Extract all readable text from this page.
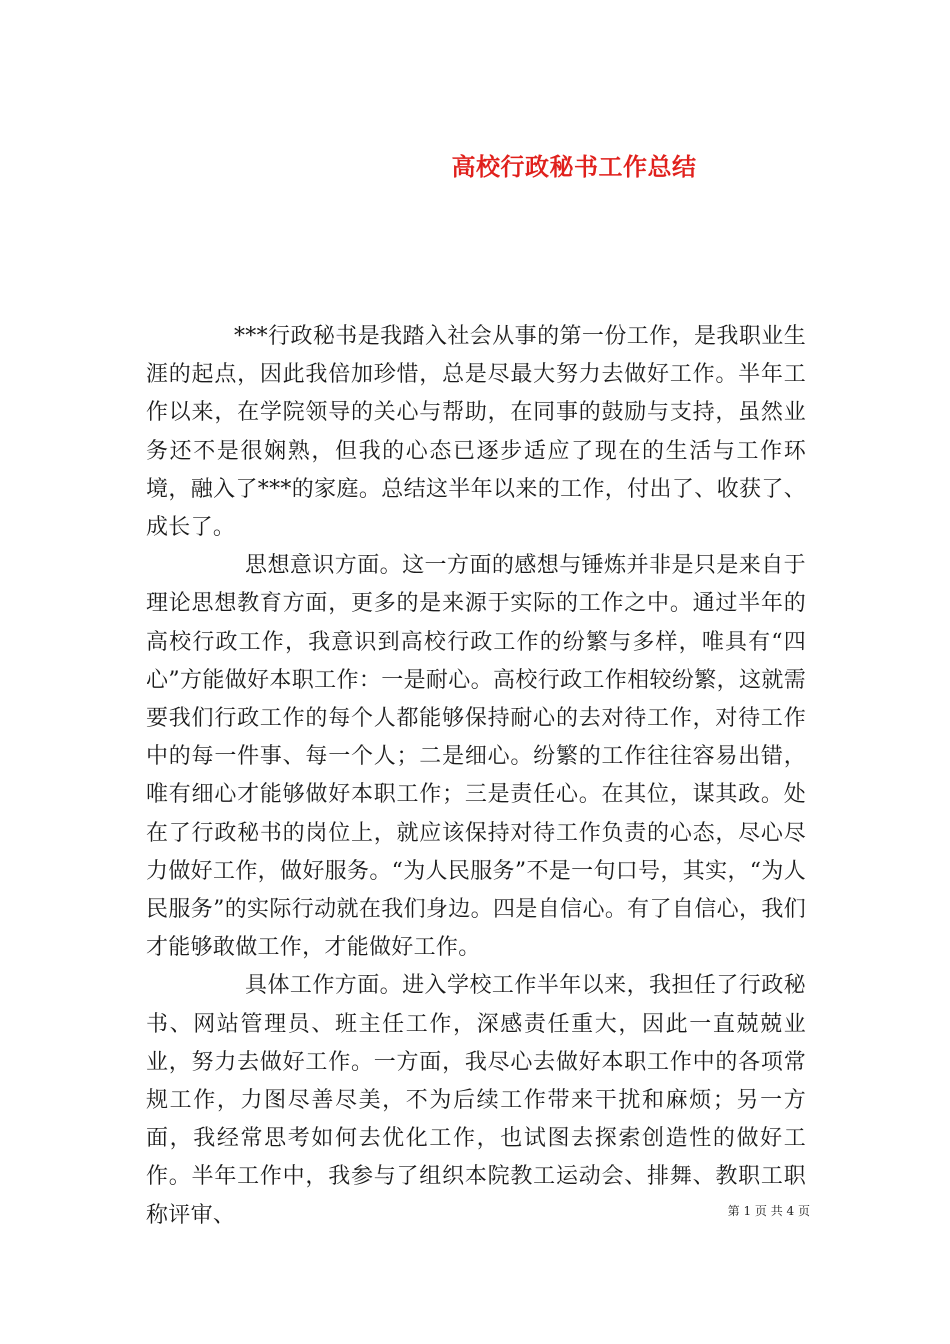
高校行政秘书工作总结

***行政秘书是我踏入社会从事的第一份工作，是我职业生涯的起点，因此我倍加珍惜，总是尽最大努力去做好工作。半年工作以来，在学院领导的关心与帮助，在同事的鼓励与支持，虽然业务还不是很娴熟，但我的心态已逐步适应了现在的生活与工作环境，融入了***的家庭。总结这半年以来的工作，付出了、收获了、成长了。

思想意识方面。这一方面的感想与锤炼并非是只是来自于理论思想教育方面，更多的是来源于实际的工作之中。通过半年的高校行政工作，我意识到高校行政工作的纷繁与多样，唯具有“四心”方能做好本职工作：一是耐心。高校行政工作相较纷繁，这就需要我们行政工作的每个人都能够保持耐心的去对待工作，对待工作中的每一件事、每一个人；二是细心。纷繁的工作往往容易出错，唯有细心才能够做好本职工作；三是责任心。在其位，谋其政。处在了行政秘书的岗位上，就应该保持对待工作负责的心态，尽心尽力做好工作，做好服务。“为人民服务”不是一句口号，其实，“为人民服务”的实际行动就在我们身边。四是自信心。有了自信心，我们才能够敢做工作，才能做好工作。

具体工作方面。进入学校工作半年以来，我担任了行政秘书、网站管理员、班主任工作，深感责任重大，因此一直兢兢业业，努力去做好工作。一方面，我尽心去做好本职工作中的各项常规工作，力图尽善尽美，不为后续工作带来干扰和麻烦；另一方面，我经常思考如何去优化工作，也试图去探索创造性的做好工作。半年工作中，我参与了组织本院教工运动会、排舞、教职工职称评审、	第 1 页 共 4 页
